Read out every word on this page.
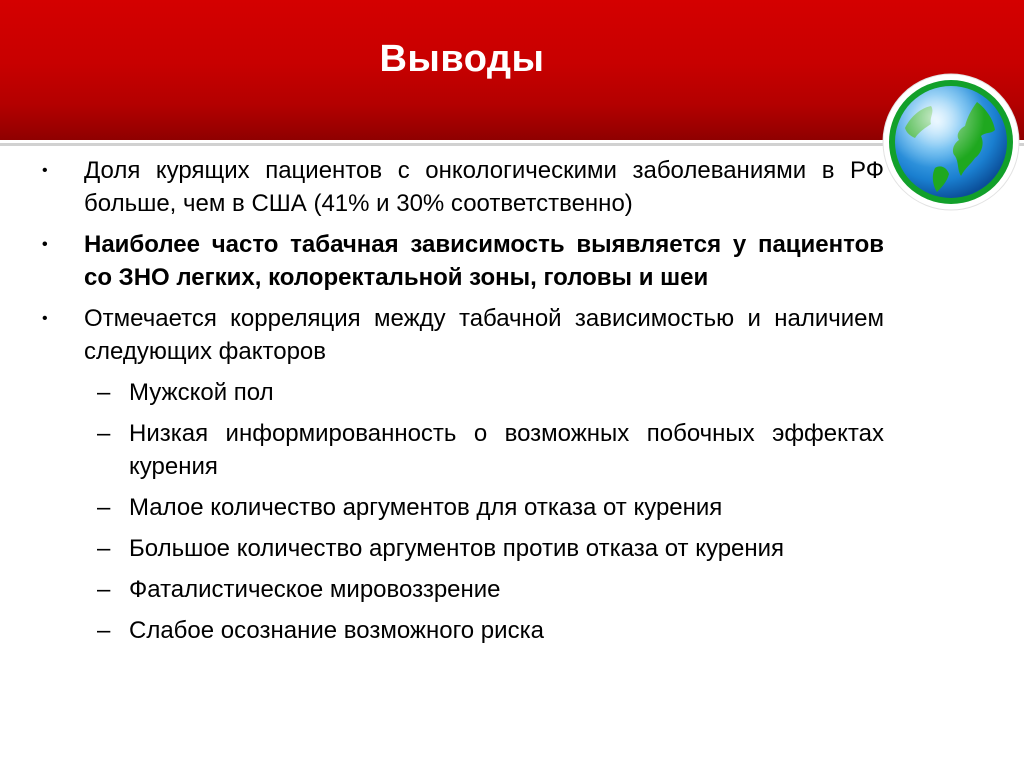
Выводы
• Доля курящих пациентов с онкологическими заболеваниями в РФ больше, чем в США (41% и 30% соответственно)
• Наиболее часто табачная зависимость выявляется у пациентов со ЗНО легких, колоректальной зоны, головы и шеи
• Отмечается корреляция между табачной зависимостью и наличием следующих факторов
– Мужской пол
– Низкая информированность о возможных побочных эффектах курения
– Малое количество аргументов для отказа от курения
– Большое количество аргументов против отказа от курения
– Фаталистическое мировоззрение
– Слабое осознание возможного риска
